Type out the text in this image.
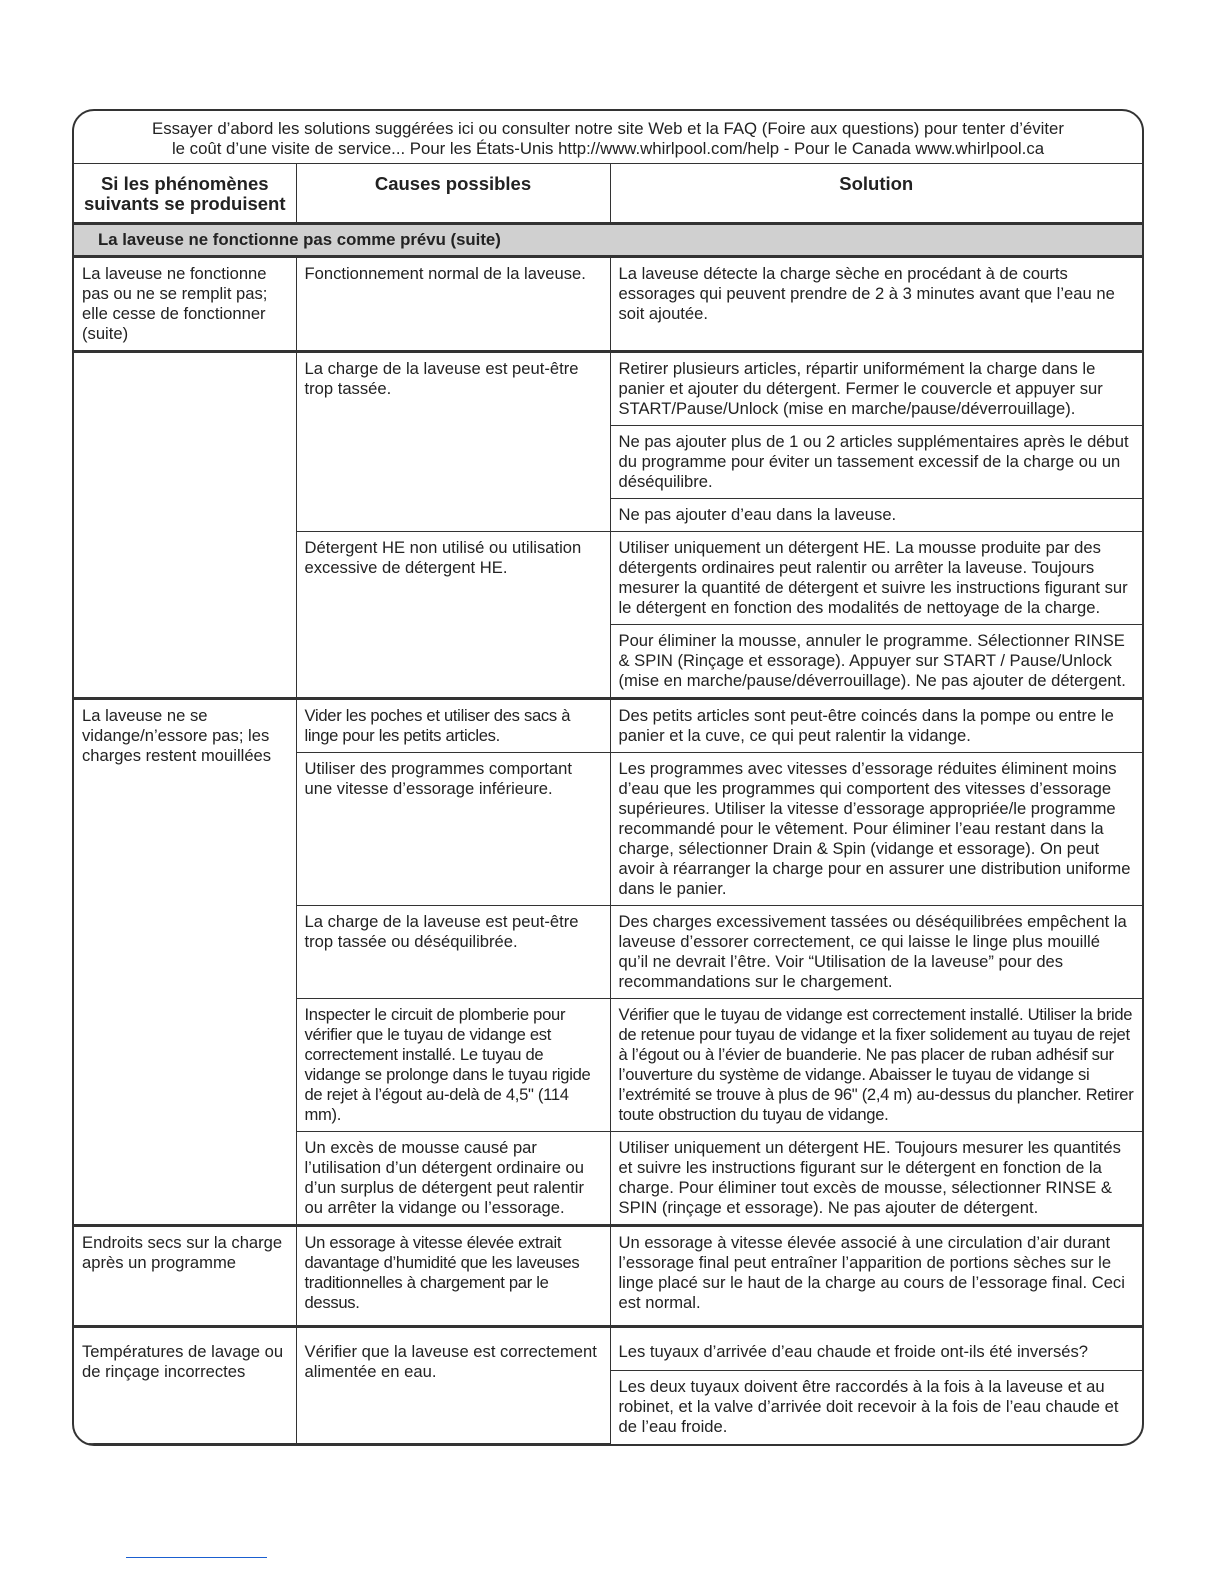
Essayer d’abord les solutions suggérées ici ou consulter notre site Web et la FAQ (Foire aux questions) pour tenter d’éviter
le coût d’une visite de service... Pour les États-Unis http://www.whirlpool.com/help - Pour le Canada www.whirlpool.ca		

Si les phénomènes
suivants se produisent	Causes possibles	Solution
La laveuse ne fonctionne pas comme prévu (suite)		
La laveuse ne fonctionne pas ou ne se remplit pas; elle cesse de fonctionner (suite)	Fonctionnement normal de la laveuse.	La laveuse détecte la charge sèche en procédant à de courts essorages qui peuvent prendre de 2 à 3 minutes avant que l’eau ne soit ajoutée.
	La charge de la laveuse est peut-être trop tassée.	Retirer plusieurs articles, répartir uniformément la charge dans le panier et ajouter du détergent. Fermer le couvercle et appuyer sur START/Pause/Unlock (mise en marche/pause/déverrouillage).
		Ne pas ajouter plus de 1 ou 2 articles supplémentaires après le début du programme pour éviter un tassement excessif de la charge ou un déséquilibre.
		Ne pas ajouter d’eau dans la laveuse.
	Détergent HE non utilisé ou utilisation excessive de détergent HE.	Utiliser uniquement un détergent HE. La mousse produite par des détergents ordinaires peut ralentir ou arrêter la laveuse. Toujours mesurer la quantité de détergent et suivre les instructions figurant sur le détergent en fonction des modalités de nettoyage de la charge.
		Pour éliminer la mousse, annuler le programme. Sélectionner RINSE & SPIN (Rinçage et essorage). Appuyer sur START / Pause/Unlock (mise en marche/pause/déverrouillage). Ne pas ajouter de détergent.
La laveuse ne se vidange/n’essore pas; les charges restent mouillées	Vider les poches et utiliser des sacs à linge pour les petits articles.	Des petits articles sont peut-être coincés dans la pompe ou entre le panier et la cuve, ce qui peut ralentir la vidange.
	Utiliser des programmes comportant une vitesse d’essorage inférieure.	Les programmes avec vitesses d’essorage réduites éliminent moins d’eau que les programmes qui comportent des vitesses d’essorage supérieures. Utiliser la vitesse d’essorage appropriée/le programme recommandé pour le vêtement. Pour éliminer l’eau restant dans la charge, sélectionner Drain & Spin (vidange et essorage). On peut avoir à réarranger la charge pour en assurer une distribution uniforme dans le panier.
	La charge de la laveuse est peut-être trop tassée ou déséquilibrée.	Des charges excessivement tassées ou déséquilibrées empêchent la laveuse d’essorer correctement, ce qui laisse le linge plus mouillé qu’il ne devrait l’être. Voir “Utilisation de la laveuse” pour des recommandations sur le chargement.
	Inspecter le circuit de plomberie pour vérifier que le tuyau de vidange est correctement installé. Le tuyau de vidange se prolonge dans le tuyau rigide de rejet à l’égout au-delà de 4,5" (114 mm).	Vérifier que le tuyau de vidange est correctement installé. Utiliser la bride de retenue pour tuyau de vidange et la fixer solidement au tuyau de rejet à l’égout ou à l’évier de buanderie. Ne pas placer de ruban adhésif sur l’ouverture du système de vidange. Abaisser le tuyau de vidange si l’extrémité se trouve à plus de 96" (2,4 m) au-dessus du plancher. Retirer toute obstruction du tuyau de vidange.
	Un excès de mousse causé par l’utilisation d’un détergent ordinaire ou d’un surplus de détergent peut ralentir ou arrêter la vidange ou l’essorage.	Utiliser uniquement un détergent HE. Toujours mesurer les quantités et suivre les instructions figurant sur le détergent en fonction de la charge. Pour éliminer tout excès de mousse, sélectionner RINSE & SPIN (rinçage et essorage). Ne pas ajouter de détergent.
Endroits secs sur la charge après un programme	Un essorage à vitesse élevée extrait davantage d’humidité que les laveuses traditionnelles à chargement par le dessus.	Un essorage à vitesse élevée associé à une circulation d’air durant l’essorage final peut entraîner l’apparition de portions sèches sur le linge placé sur le haut de la charge au cours de l’essorage final. Ceci est normal.
Températures de lavage ou de rinçage incorrectes	Vérifier que la laveuse est correctement alimentée en eau.	Les tuyaux d’arrivée d’eau chaude et froide ont-ils été inversés?
		Les deux tuyaux doivent être raccordés à la fois à la laveuse et au robinet, et la valve d’arrivée doit recevoir à la fois de l’eau chaude et de l’eau froide.
